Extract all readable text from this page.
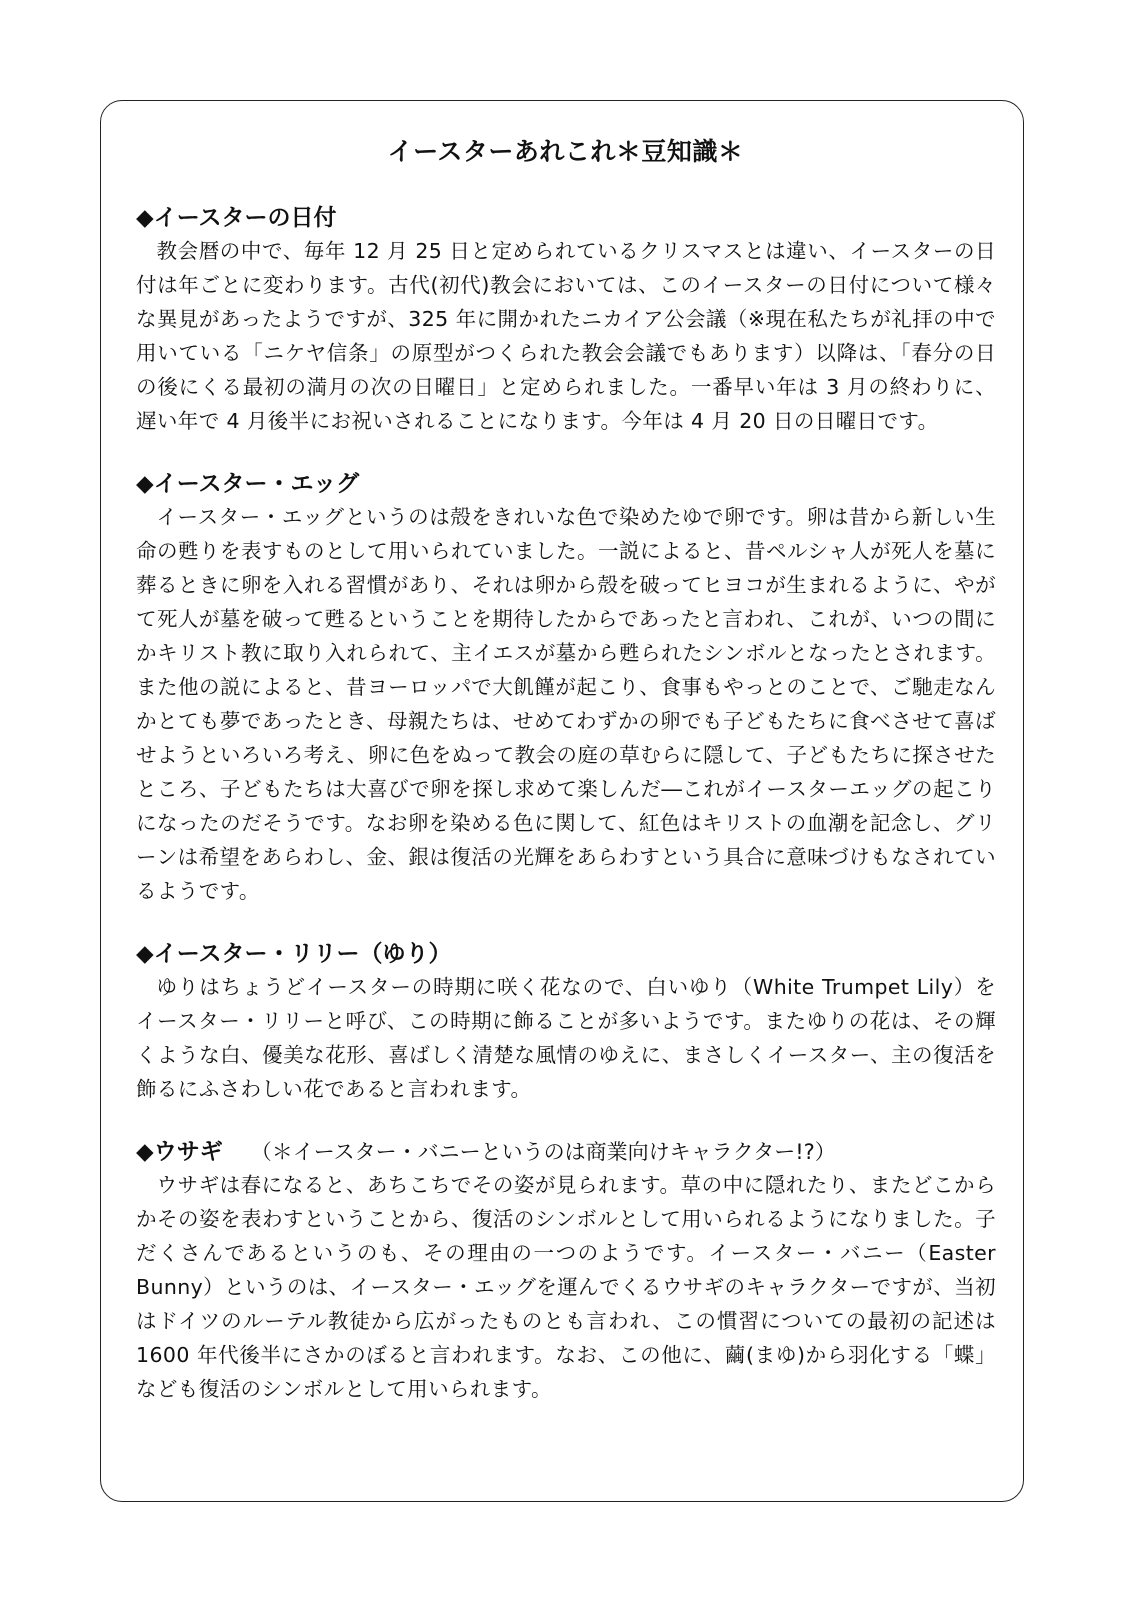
イースターあれこれ＊豆知識＊
◆イースターの日付

教会暦の中で、毎年 12 月 25 日と定められているクリスマスとは違い、イースターの日付は年ごとに変わります。古代(初代)教会においては、このイースターの日付について様々な異見があったようですが、325 年に開かれたニカイア公会議（※現在私たちが礼拝の中で用いている「ニケヤ信条」の原型がつくられた教会会議でもあります）以降は、「春分の日の後にくる最初の満月の次の日曜日」と定められました。一番早い年は 3 月の終わりに、遅い年で 4 月後半にお祝いされることになります。今年は 4 月 20 日の日曜日です。

◆イースター・エッグ

イースター・エッグというのは殻をきれいな色で染めたゆで卵です。卵は昔から新しい生命の甦りを表すものとして用いられていました。一説によると、昔ペルシャ人が死人を墓に葬るときに卵を入れる習慣があり、それは卵から殻を破ってヒヨコが生まれるように、やがて死人が墓を破って甦るということを期待したからであったと言われ、これが、いつの間にかキリスト教に取り入れられて、主イエスが墓から甦られたシンボルとなったとされます。また他の説によると、昔ヨーロッパで大飢饉が起こり、食事もやっとのことで、ご馳走なんかとても夢であったとき、母親たちは、せめてわずかの卵でも子どもたちに食べさせて喜ばせようといろいろ考え、卵に色をぬって教会の庭の草むらに隠して、子どもたちに探させたところ、子どもたちは大喜びで卵を探し求めて楽しんだ―これがイースターエッグの起こりになったのだそうです。なお卵を染める色に関して、紅色はキリストの血潮を記念し、グリーンは希望をあらわし、金、銀は復活の光輝をあらわすという具合に意味づけもなされているようです。

◆イースター・リリー（ゆり）

ゆりはちょうどイースターの時期に咲く花なので、白いゆり（White Trumpet Lily）をイースター・リリーと呼び、この時期に飾ることが多いようです。またゆりの花は、その輝くような白、優美な花形、喜ばしく清楚な風情のゆえに、まさしくイースター、主の復活を飾るにふさわしい花であると言われます。

◆ウサギ （＊イースター・バニーというのは商業向けキャラクター!?）

ウサギは春になると、あちこちでその姿が見られます。草の中に隠れたり、またどこからかその姿を表わすということから、復活のシンボルとして用いられるようになりました。子だくさんであるというのも、その理由の一つのようです。イースター・バニー（Easter Bunny）というのは、イースター・エッグを運んでくるウサギのキャラクターですが、当初はドイツのルーテル教徒から広がったものとも言われ、この慣習についての最初の記述は 1600 年代後半にさかのぼると言われます。なお、この他に、繭(まゆ)から羽化する「蝶」なども復活のシンボルとして用いられます。
